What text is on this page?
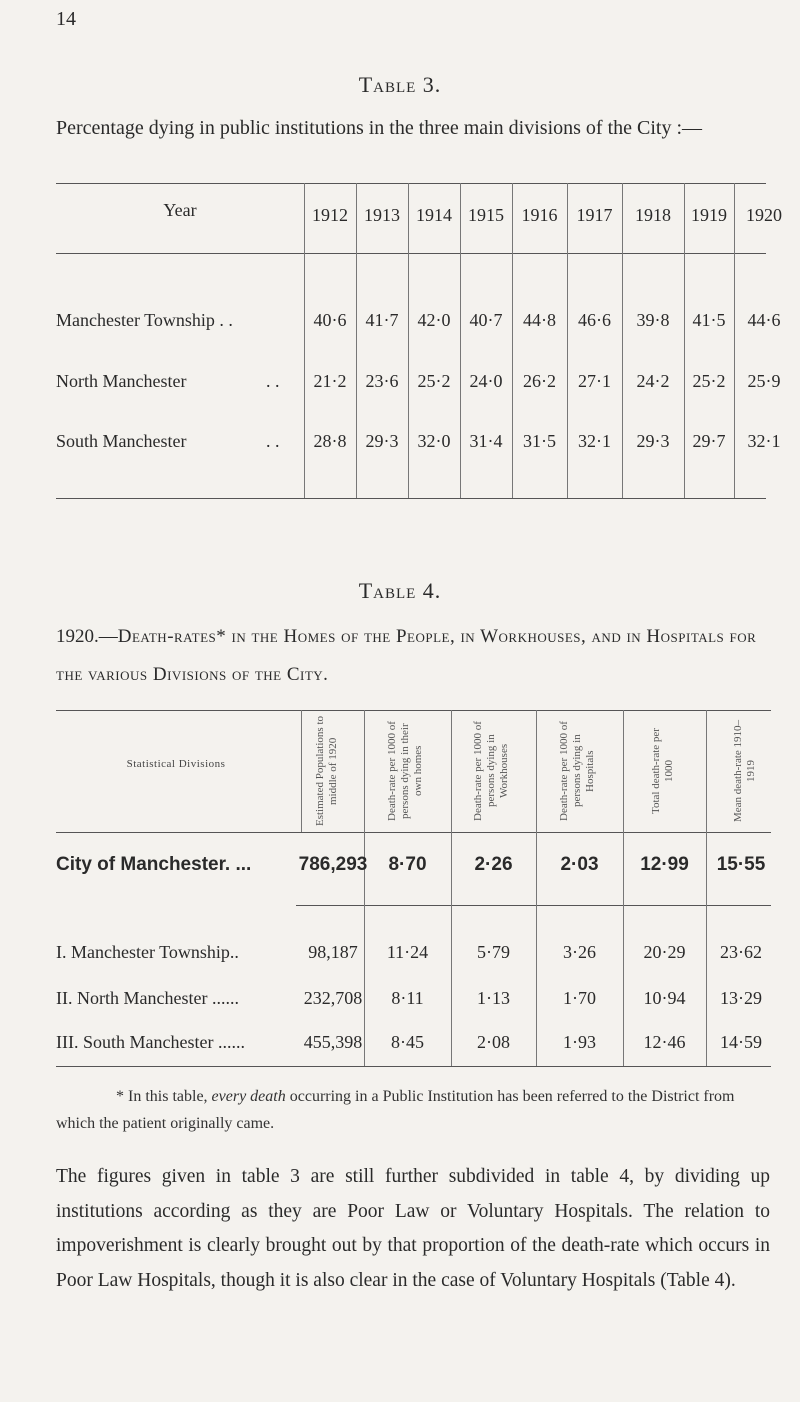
14
Table 3.
Percentage dying in public institutions in the three main divisions of the City :—
Year	1912 1913 1914 1915 1916	1917	1918	1919	1920
Manchester Township . .	40·6	41·7	42·0	40·7	44·8	46·6	39·8	41·5	44·6
North Manchester	. .	21·2	23·6	25·2	24·0	26·2	27·1	24·2	25·2	25·9
South Manchester	. .	28·8	29·3	32·0	31·4	31·5	32·1	29·3	29·7	32·1
Table 4.
1920.—Death-rates* in the Homes of the People, in Workhouses, and in Hospitals for the various Divisions of the City.
Statistical Divisions	Estimated Populations to middle of 1920	Death-rate per 1000 of persons dying in their own homes	Death-rate per 1000 of persons dying in Workhouses	Death-rate per 1000 of persons dying in Hospitals	Total death-rate per 1000	Mean death-rate 1910–1919
City of Manchester. ... 786,293	8·70	2·26	2·03	12·99	15·55
I. Manchester Township..	98,187	11·24	5·79	3·26	20·29	23·62
II. North Manchester ......	232,708	8·11	1·13	1·70	10·94	13·29
III. South Manchester ......	455,398	8·45	2·08	1·93	12·46	14·59
* In this table, every death occurring in a Public Institution has been referred to the District from which the patient originally came.
The figures given in table 3 are still further subdivided in table 4, by dividing up institutions according as they are Poor Law or Voluntary Hospitals. The relation to impoverishment is clearly brought out by that proportion of the death-rate which occurs in Poor Law Hospitals, though it is also clear in the case of Voluntary Hospitals (Table 4).
